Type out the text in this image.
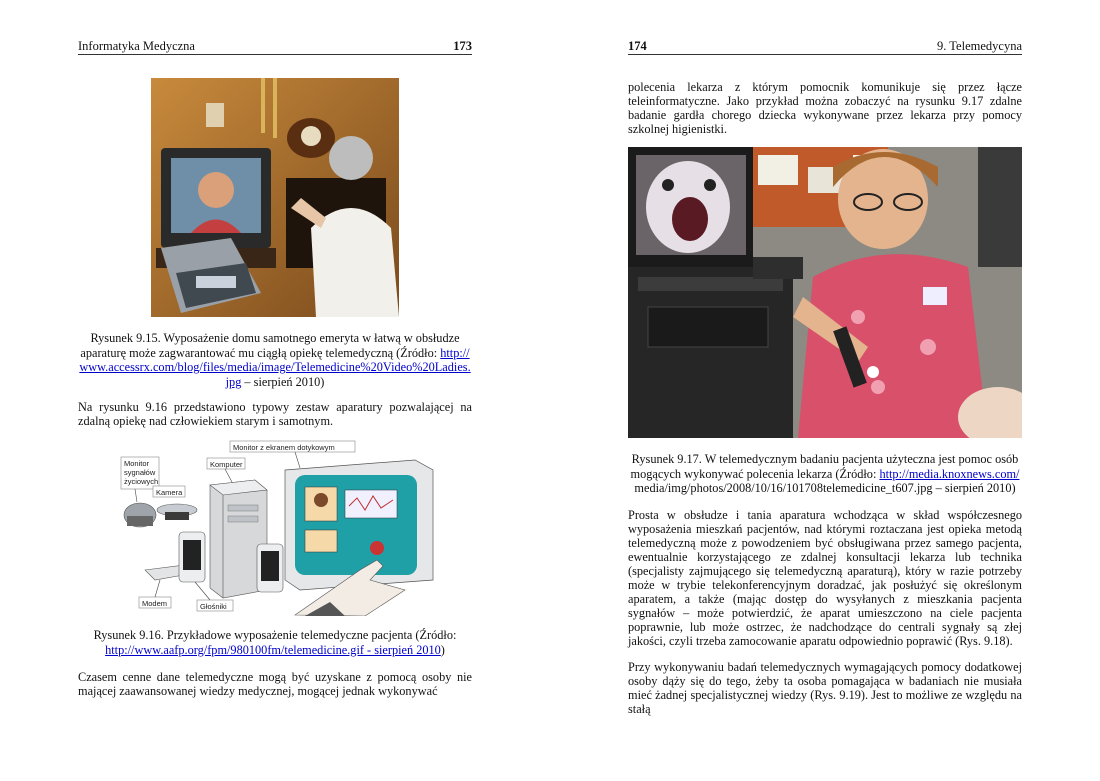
Informatyka Medyczna	173

Rysunek 9.15. Wyposażenie domu samotnego emeryta w łatwą w obsłudze aparaturę może zagwarantować mu ciągłą opiekę telemedyczną (Źródło: http://www.accessrx.com/blog/files/media/image/Telemedicine%20Video%20Ladies.jpg – sierpień 2010)

Na rysunku 9.16 przedstawiono typowy zestaw aparatury pozwalającej na zdalną opiekę nad człowiekiem starym i samotnym.

Monitor z ekranem dotykowym
Monitor
sygnałów
życiowych
Komputer
Kamera
Modem	Głośniki

Rysunek 9.16. Przykładowe wyposażenie telemedyczne pacjenta (Źródło: http://www.aafp.org/fpm/980100fm/telemedicine.gif - sierpień 2010)

Czasem cenne dane telemedyczne mogą być uzyskane z pomocą osoby nie mającej zaawansowanej wiedzy medycznej, mogącej jednak wykonywać

174	9. Telemedycyna

polecenia lekarza z którym pomocnik komunikuje się przez łącze teleinformatyczne. Jako przykład można zobaczyć na rysunku 9.17 zdalne badanie gardła chorego dziecka wykonywane przez lekarza przy pomocy szkolnej higienistki.

Rysunek 9.17. W telemedycznym badaniu pacjenta użyteczna jest pomoc osób mogących wykonywać polecenia lekarza (Źródło: http://media.knoxnews.com/ media/img/photos/2008/10/16/101708telemedicine_t607.jpg – sierpień 2010)

Prosta w obsłudze i tania aparatura wchodząca w skład współczesnego wyposażenia mieszkań pacjentów, nad którymi roztaczana jest opieka metodą telemedyczną może z powodzeniem być obsługiwana przez samego pacjenta, ewentualnie korzystającego ze zdalnej konsultacji lekarza lub technika (specjalisty zajmującego się telemedyczną aparaturą), który w razie potrzeby może w trybie telekonferencyjnym doradzać, jak posłużyć się określonym aparatem, a także (mając dostęp do wysyłanych z mieszkania pacjenta sygnałów – może potwierdzić, że aparat umieszczono na ciele pacjenta poprawnie, lub może ostrzec, że nadchodzące do centrali sygnały są złej jakości, czyli trzeba zamocowanie aparatu odpowiednio poprawić (Rys. 9.18).

Przy wykonywaniu badań telemedycznych wymagających pomocy dodatkowej osoby dąży się do tego, żeby ta osoba pomagająca w badaniach nie musiała mieć żadnej specjalistycznej wiedzy (Rys. 9.19). Jest to możliwe ze względu na stałą
